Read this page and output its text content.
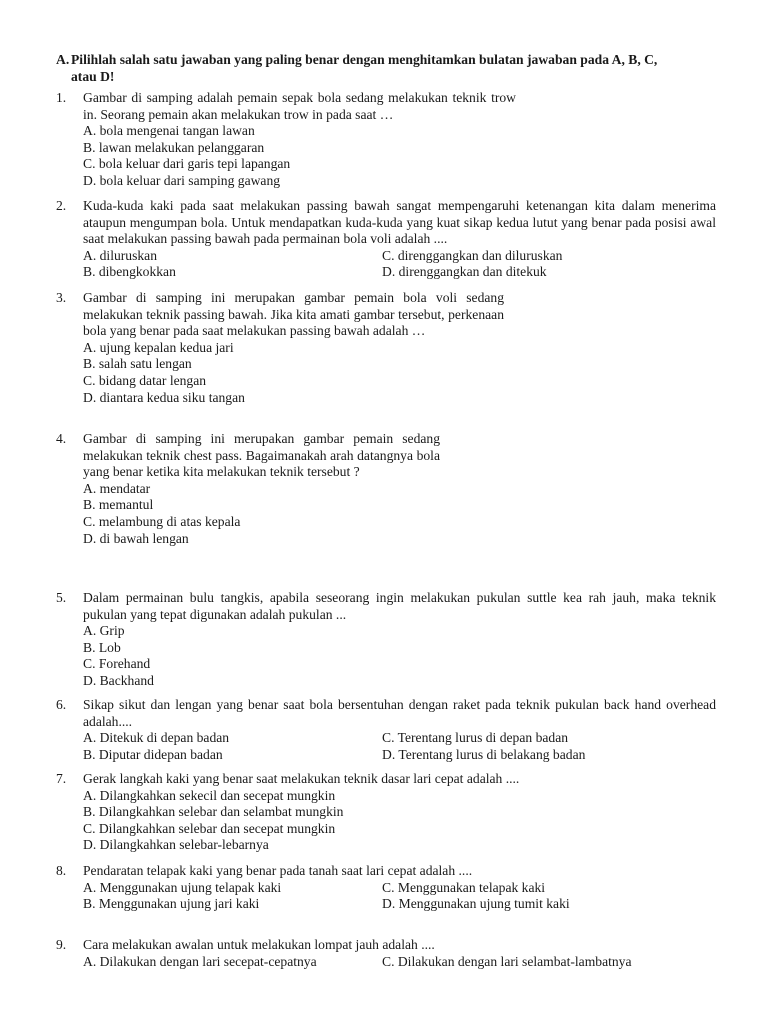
A. Pilihlah salah satu jawaban yang paling benar dengan menghitamkan bulatan jawaban pada A, B, C,
atau D!
1. Gambar di samping adalah pemain sepak bola sedang melakukan teknik trow in. Seorang pemain akan melakukan trow in pada saat …
A. bola mengenai tangan lawan
B. lawan melakukan pelanggaran
C. bola keluar dari garis tepi lapangan
D. bola keluar dari samping gawang
2. Kuda-kuda kaki pada saat melakukan passing bawah sangat mempengaruhi ketenangan kita dalam menerima ataupun mengumpan bola. Untuk mendapatkan kuda-kuda yang kuat sikap kedua lutut yang benar pada posisi awal saat melakukan passing bawah pada permainan bola voli adalah ....
A. diluruskan	C. direnggangkan dan diluruskan
B. dibengkokkan	D. direnggangkan dan ditekuk
3. Gambar di samping ini merupakan gambar pemain bola voli sedang melakukan teknik passing bawah. Jika kita amati gambar tersebut, perkenaan bola yang benar pada saat melakukan passing bawah adalah …
A. ujung kepalan kedua jari
B. salah satu lengan
C. bidang datar lengan
D. diantara kedua siku tangan
4. Gambar di samping ini merupakan gambar pemain sedang melakukan teknik chest pass. Bagaimanakah arah datangnya bola yang benar ketika kita melakukan teknik tersebut ?
A. mendatar
B. memantul
C. melambung di atas kepala
D. di bawah lengan
5. Dalam permainan bulu tangkis, apabila seseorang ingin melakukan pukulan suttle kea rah jauh, maka teknik pukulan yang tepat digunakan adalah pukulan ...
A. Grip
B. Lob
C. Forehand
D. Backhand
6. Sikap sikut dan lengan yang benar saat bola bersentuhan dengan raket pada teknik pukulan back hand overhead adalah....
A. Ditekuk di depan badan	C. Terentang lurus di depan badan
B. Diputar didepan badan	D. Terentang lurus di belakang badan
7. Gerak langkah kaki yang benar saat melakukan teknik dasar lari cepat adalah ....
A. Dilangkahkan sekecil dan secepat mungkin
B. Dilangkahkan selebar dan selambat mungkin
C. Dilangkahkan selebar dan secepat mungkin
D. Dilangkahkan selebar-lebarnya
8. Pendaratan telapak kaki yang benar pada tanah saat lari cepat adalah ....
A. Menggunakan ujung telapak kaki	C. Menggunakan telapak kaki
B. Menggunakan ujung jari kaki	D. Menggunakan ujung tumit kaki
9. Cara melakukan awalan untuk melakukan lompat jauh adalah ....
A. Dilakukan dengan lari secepat-cepatnya	C. Dilakukan dengan lari selambat-lambatnya
